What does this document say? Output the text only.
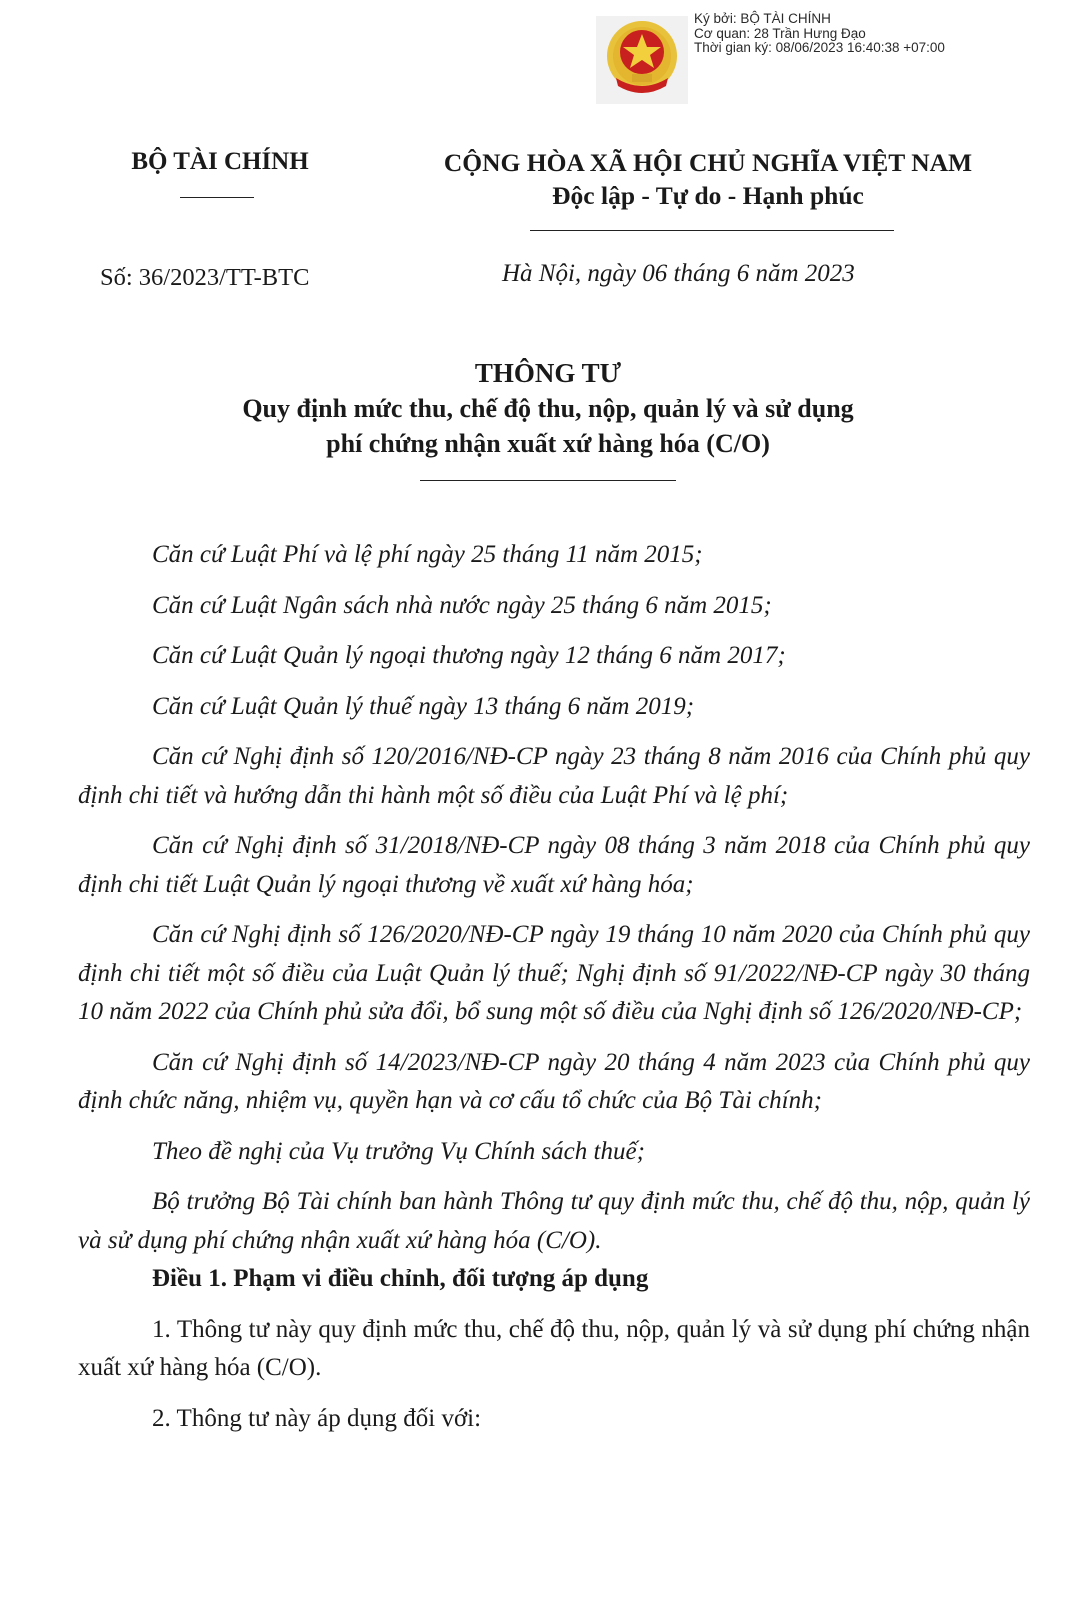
Ký bởi: BỘ TÀI CHÍNH
Cơ quan: 28 Trần Hưng Đạo
Thời gian ký: 08/06/2023 16:40:38 +07:00
BỘ TÀI CHÍNH	CỘNG HÒA XÃ HỘI CHỦ NGHĨA VIỆT NAM
Độc lập - Tự do - Hạnh phúc
Số: 36/2023/TT-BTC	Hà Nội, ngày 06 tháng 6 năm 2023
THÔNG TƯ
Quy định mức thu, chế độ thu, nộp, quản lý và sử dụng
phí chứng nhận xuất xứ hàng hóa (C/O)

Căn cứ Luật Phí và lệ phí ngày 25 tháng 11 năm 2015;

Căn cứ Luật Ngân sách nhà nước ngày 25 tháng 6 năm 2015;

Căn cứ Luật Quản lý ngoại thương ngày 12 tháng 6 năm 2017;

Căn cứ Luật Quản lý thuế ngày 13 tháng 6 năm 2019;

Căn cứ Nghị định số 120/2016/NĐ-CP ngày 23 tháng 8 năm 2016 của Chính phủ quy định chi tiết và hướng dẫn thi hành một số điều của Luật Phí và lệ phí;

Căn cứ Nghị định số 31/2018/NĐ-CP ngày 08 tháng 3 năm 2018 của Chính phủ quy định chi tiết Luật Quản lý ngoại thương về xuất xứ hàng hóa;

Căn cứ Nghị định số 126/2020/NĐ-CP ngày 19 tháng 10 năm 2020 của Chính phủ quy định chi tiết một số điều của Luật Quản lý thuế; Nghị định số 91/2022/NĐ-CP ngày 30 tháng 10 năm 2022 của Chính phủ sửa đổi, bổ sung một số điều của Nghị định số 126/2020/NĐ-CP;

Căn cứ Nghị định số 14/2023/NĐ-CP ngày 20 tháng 4 năm 2023 của Chính phủ quy định chức năng, nhiệm vụ, quyền hạn và cơ cấu tổ chức của Bộ Tài chính;

Theo đề nghị của Vụ trưởng Vụ Chính sách thuế;

Bộ trưởng Bộ Tài chính ban hành Thông tư quy định mức thu, chế độ thu, nộp, quản lý và sử dụng phí chứng nhận xuất xứ hàng hóa (C/O).

Điều 1. Phạm vi điều chỉnh, đối tượng áp dụng

1. Thông tư này quy định mức thu, chế độ thu, nộp, quản lý và sử dụng phí chứng nhận xuất xứ hàng hóa (C/O).

2. Thông tư này áp dụng đối với:
